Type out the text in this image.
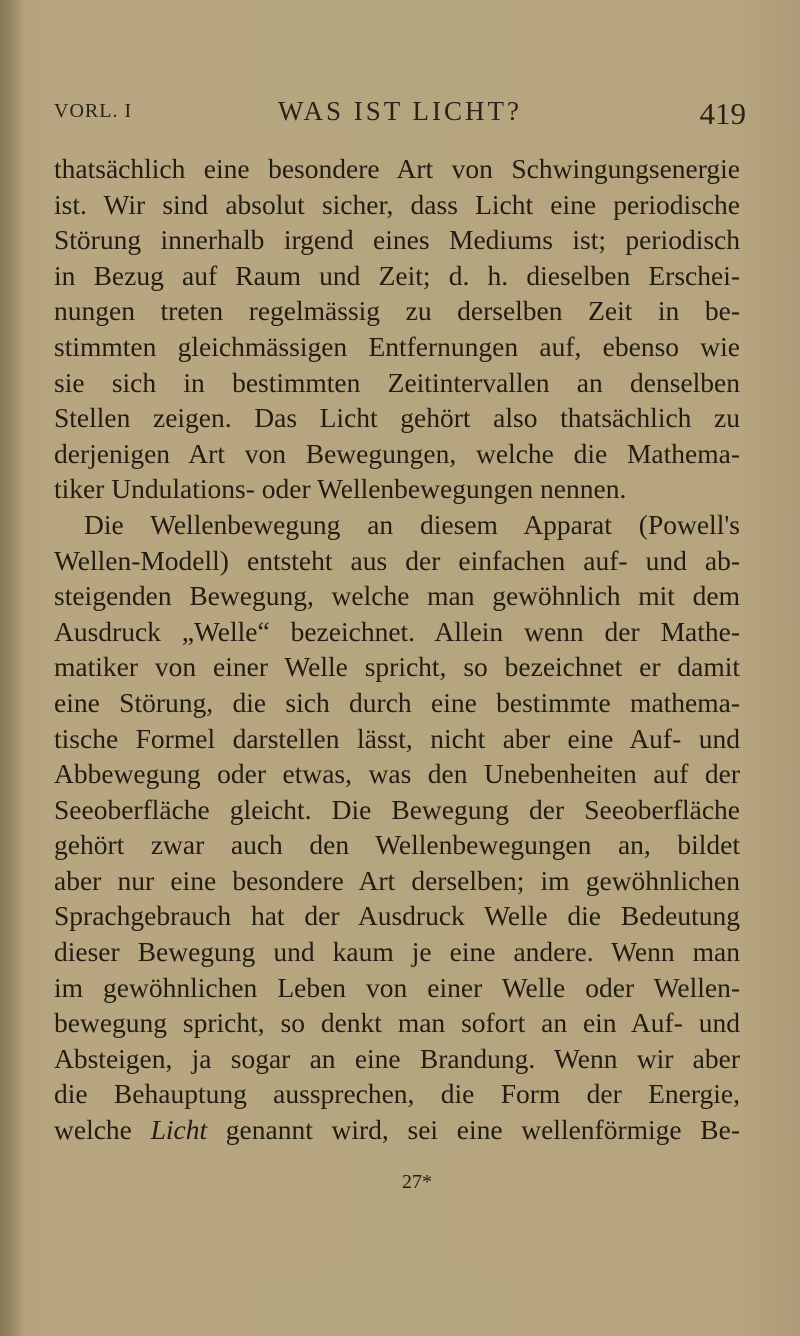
VORL. I	WAS IST LICHT?	419
thatsächlich eine besondere Art von Schwingungsenergie
ist. Wir sind absolut sicher, dass Licht eine periodische
Störung innerhalb irgend eines Mediums ist; periodisch
in Bezug auf Raum und Zeit; d. h. dieselben Erschei-
nungen treten regelmässig zu derselben Zeit in be-
stimmten gleichmässigen Entfernungen auf, ebenso wie
sie sich in bestimmten Zeitintervallen an denselben
Stellen zeigen. Das Licht gehört also thatsächlich zu
derjenigen Art von Bewegungen, welche die Mathema-
tiker Undulations- oder Wellenbewegungen nennen.
Die Wellenbewegung an diesem Apparat (Powell's
Wellen-Modell) entsteht aus der einfachen auf- und ab-
steigenden Bewegung, welche man gewöhnlich mit dem
Ausdruck „Welle“ bezeichnet. Allein wenn der Mathe-
matiker von einer Welle spricht, so bezeichnet er damit
eine Störung, die sich durch eine bestimmte mathema-
tische Formel darstellen lässt, nicht aber eine Auf- und
Abbewegung oder etwas, was den Unebenheiten auf der
Seeoberfläche gleicht. Die Bewegung der Seeoberfläche
gehört zwar auch den Wellenbewegungen an, bildet
aber nur eine besondere Art derselben; im gewöhnlichen
Sprachgebrauch hat der Ausdruck Welle die Bedeutung
dieser Bewegung und kaum je eine andere. Wenn man
im gewöhnlichen Leben von einer Welle oder Wellen-
bewegung spricht, so denkt man sofort an ein Auf- und
Absteigen, ja sogar an eine Brandung. Wenn wir aber
die Behauptung aussprechen, die Form der Energie,
welche Licht genannt wird, sei eine wellenförmige Be-
27*
